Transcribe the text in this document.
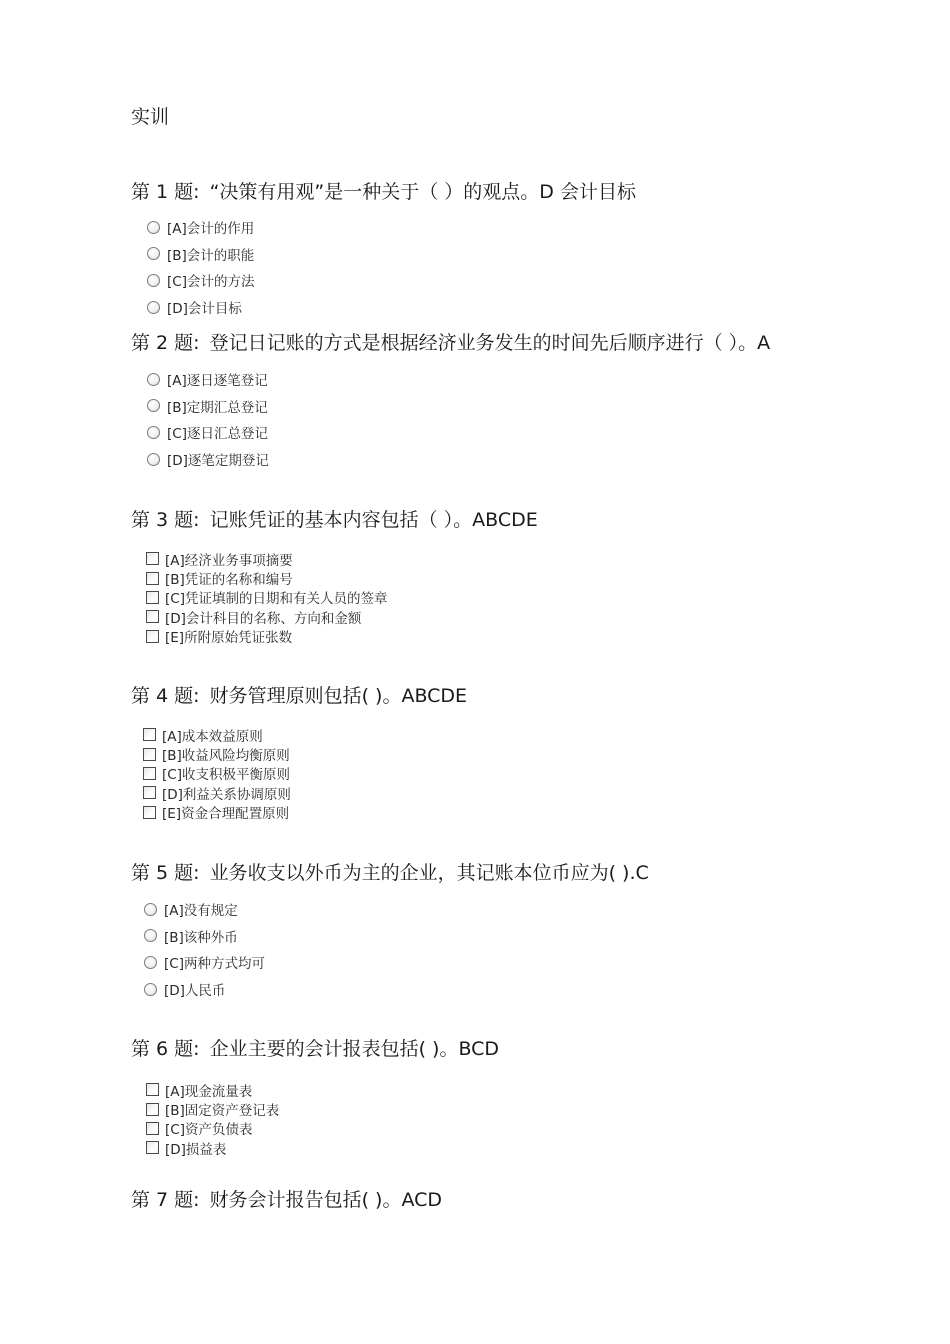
实训
第 1 题: “决策有用观”是一种关于（ ）的观点。D 会计目标
[A]会计的作用
[B]会计的职能
[C]会计的方法
[D]会计目标
第 2 题: 登记日记账的方式是根据经济业务发生的时间先后顺序进行（ ）。A
[A]逐日逐笔登记
[B]定期汇总登记
[C]逐日汇总登记
[D]逐笔定期登记
第 3 题: 记账凭证的基本内容包括（ ）。ABCDE
[A]经济业务事项摘要
[B]凭证的名称和编号
[C]凭证填制的日期和有关人员的签章
[D]会计科目的名称、方向和金额
[E]所附原始凭证张数
第 4 题: 财务管理原则包括( )。ABCDE
[A]成本效益原则
[B]收益风险均衡原则
[C]收支积极平衡原则
[D]利益关系协调原则
[E]资金合理配置原则
第 5 题: 业务收支以外币为主的企业，其记账本位币应为( ).C
[A]没有规定
[B]该种外币
[C]两种方式均可
[D]人民币
第 6 题: 企业主要的会计报表包括( )。BCD
[A]现金流量表
[B]固定资产登记表
[C]资产负债表
[D]损益表
第 7 题: 财务会计报告包括( )。ACD
